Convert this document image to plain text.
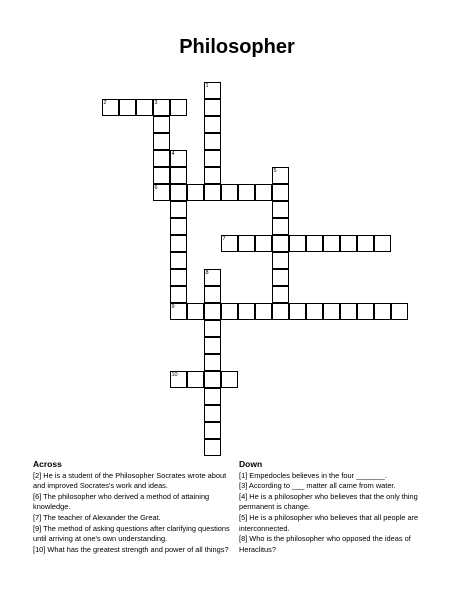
Philosopher
1
2	3
4
5
6
7
8
9
10
Across
[2] He is a student of the Philosopher Socrates wrote about and improved Socrates's work and ideas.
[6] The philosopher who derived a method of attaining knowledge.
[7] The teacher of Alexander the Great.
[9] The method of asking questions after clarifying questions until arriving at one's own understanding.
[10] What has the greatest strength and power of all things?
Down
[1] Empedocles believes in the four _______.
[3] According to ___ matter all came from water.
[4] He is a philosopher who believes that the only thing permanent is change.
[5] He is a philosopher who believes that all people are interconnected.
[8] Who is the philosopher who opposed the ideas of Heraclitus?
